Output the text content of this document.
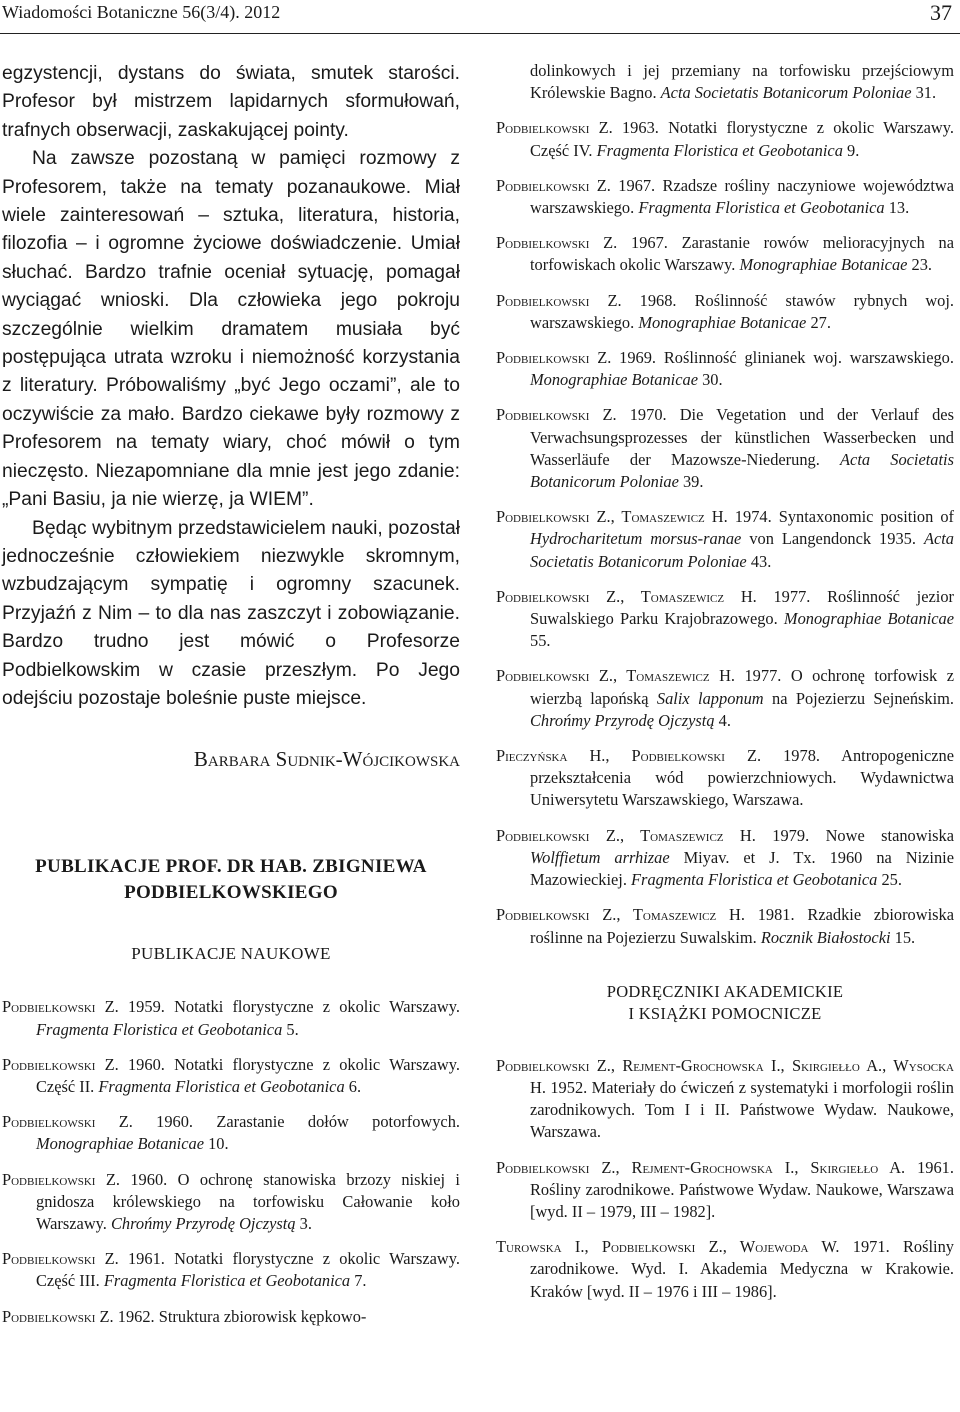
Wiadomości Botaniczne 56(3/4). 2012	37

egzystencji, dystans do świata, smutek starości. Profesor był mistrzem lapidarnych sformułowań, trafnych obserwacji, zaskakującej pointy.

Na zawsze pozostaną w pamięci rozmowy z Profesorem, także na tematy pozanaukowe. Miał wiele zainteresowań – sztuka, literatura, historia, filozofia – i ogromne życiowe doświadczenie. Umiał słuchać. Bardzo trafnie oceniał sytuację, pomagał wyciągać wnioski. Dla człowieka jego pokroju szczególnie wielkim dramatem musiała być postępująca utrata wzroku i niemożność korzystania z literatury. Próbowaliśmy „być Jego oczami”, ale to oczywiście za mało. Bardzo ciekawe były rozmowy z Profesorem na tematy wiary, choć mówił o tym nieczęsto. Niezapomniane dla mnie jest jego zdanie: „Pani Basiu, ja nie wierzę, ja WIEM”.

Będąc wybitnym przedstawicielem nauki, pozostał jednocześnie człowiekiem niezwykle skromnym, wzbudzającym sympatię i ogromny szacunek. Przyjaźń z Nim – to dla nas zaszczyt i zobowiązanie. Bardzo trudno jest mówić o Profesorze Podbielkowskim w czasie przeszłym. Po Jego odejściu pozostaje boleśnie puste miejsce.

Barbara Sudnik-Wójcikowska
PUBLIKACJE PROF. DR HAB. ZBIGNIEWA
PODBIELKOWSKIEGO
PUBLIKACJE NAUKOWE
Podbielkowski Z. 1959. Notatki florystyczne z okolic Warszawy. Fragmenta Floristica et Geobotanica 5.
Podbielkowski Z. 1960. Notatki florystyczne z okolic Warszawy. Część II. Fragmenta Floristica et Geobotanica 6.
Podbielkowski Z. 1960. Zarastanie dołów potorfowych. Monographiae Botanicae 10.
Podbielkowski Z. 1960. O ochronę stanowiska brzozy niskiej i gnidosza królewskiego na torfowisku Całowanie koło Warszawy. Chrońmy Przyrodę Ojczystą 3.
Podbielkowski Z. 1961. Notatki florystyczne z okolic Warszawy. Część III. Fragmenta Floristica et Geobotanica 7.
Podbielkowski Z. 1962. Struktura zbiorowisk kępkowo-
dolinkowych i jej przemiany na torfowisku przejściowym Królewskie Bagno. Acta Societatis Botanicorum Poloniae 31.
Podbielkowski Z. 1963. Notatki florystyczne z okolic Warszawy. Część IV. Fragmenta Floristica et Geobotanica 9.
Podbielkowski Z. 1967. Rzadsze rośliny naczyniowe województwa warszawskiego. Fragmenta Floristica et Geobotanica 13.
Podbielkowski Z. 1967. Zarastanie rowów melioracyjnych na torfowiskach okolic Warszawy. Monographiae Botanicae 23.
Podbielkowski Z. 1968. Roślinność stawów rybnych woj. warszawskiego. Monographiae Botanicae 27.
Podbielkowski Z. 1969. Roślinność glinianek woj. warszawskiego. Monographiae Botanicae 30.
Podbielkowski Z. 1970. Die Vegetation und der Verlauf des Verwachsungsprozesses der künstlichen Wasserbecken und Wasserläufe der Mazowsze-Niederung. Acta Societatis Botanicorum Poloniae 39.
Podbielkowski Z., Tomaszewicz H. 1974. Syntaxonomic position of Hydrocharitetum morsus-ranae von Langendonck 1935. Acta Societatis Botanicorum Poloniae 43.
Podbielkowski Z., Tomaszewicz H. 1977. Roślinność jezior Suwalskiego Parku Krajobrazowego. Monographiae Botanicae 55.
Podbielkowski Z., Tomaszewicz H. 1977. O ochronę torfowisk z wierzbą lapońską Salix lapponum na Pojezierzu Sejneńskim. Chrońmy Przyrodę Ojczystą 4.
Pieczyńska H., Podbielkowski Z. 1978. Antropogeniczne przekształcenia wód powierzchniowych. Wydawnictwa Uniwersytetu Warszawskiego, Warszawa.
Podbielkowski Z., Tomaszewicz H. 1979. Nowe stanowiska Wolffietum arrhizae Miyav. et J. Tx. 1960 na Nizinie Mazowieckiej. Fragmenta Floristica et Geobotanica 25.
Podbielkowski Z., Tomaszewicz H. 1981. Rzadkie zbiorowiska roślinne na Pojezierzu Suwalskim. Rocznik Białostocki 15.
PODRĘCZNIKI AKADEMICKIE
I KSIĄŻKI POMOCNICZE
Podbielkowski Z., Rejment-Grochowska I., Skirgiełło A., Wysocka H. 1952. Materiały do ćwiczeń z systematyki i morfologii roślin zarodnikowych. Tom I i II. Państwowe Wydaw. Naukowe, Warszawa.
Podbielkowski Z., Rejment-Grochowska I., Skirgiełło A. 1961. Rośliny zarodnikowe. Państwowe Wydaw. Naukowe, Warszawa [wyd. II – 1979, III – 1982].
Turowska I., Podbielkowski Z., Wojewoda W. 1971. Rośliny zarodnikowe. Wyd. I. Akademia Medyczna w Krakowie. Kraków [wyd. II – 1976 i III – 1986].
